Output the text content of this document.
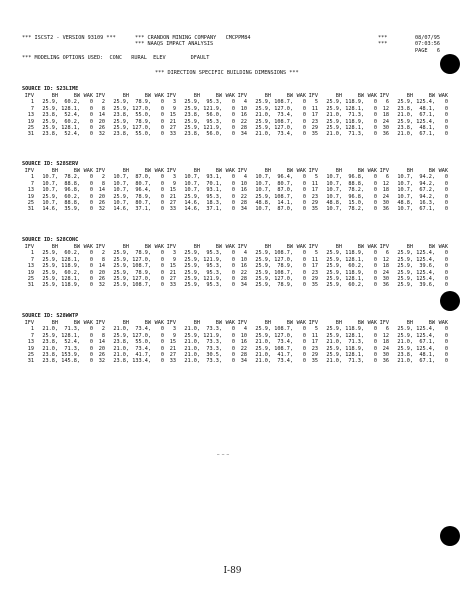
*** ISCST2 - VERSION 93109 ***	*** CRANDON MINING COMPANY   CMCPPM84
*** NAAQS IMPACT ANALYSIS
***
***
08/07/95
07:03:56
PAGE   6
*** MODELING OPTIONS USED:  CONC   RURAL  ELEV        DFAULT
*** DIRECTION SPECIFIC BUILDING DIMENSIONS ***
SOURCE ID: S23LIME
IFV	BH	BW	WAK	IFV	BH	BW	WAK	IFV	BH	BW	WAK	IFV	BH	BW	WAK	IFV	BH	BW	WAK	IFV	BH	BW	WAK
1	25.9,	60.2,	0	2	25.9,	78.9,	0	3	25.9,	95.3,	0	4	25.9,	108.7,	0	5	25.9,	118.9,	0	6	25.9,	125.4,	0
7	25.9,	128.1,	0	8	25.9,	127.0,	0	9	25.9,	121.9,	0	10	25.9,	127.0,	0	11	25.9,	128.1,	0	12	23.8,	48.1,	0
13	23.8,	52.4,	0	14	23.8,	55.0,	0	15	23.8,	56.0,	0	16	21.0,	73.4,	0	17	21.0,	71.3,	0	18	21.0,	67.1,	0
19	25.9,	60.2,	0	20	25.9,	78.9,	0	21	25.9,	95.3,	0	22	25.9,	108.7,	0	23	25.9,	118.9,	0	24	25.9,	125.4,	0
25	25.9,	128.1,	0	26	25.9,	127.0,	0	27	25.9,	121.9,	0	28	25.9,	127.0,	0	29	25.9,	128.1,	0	30	23.8,	48.1,	0
31	23.8,	52.4,	0	32	23.8,	55.0,	0	33	23.8,	56.0,	0	34	21.0,	73.4,	0	35	21.0,	71.3,	0	36	21.0,	67.1,	0
SOURCE ID: S28SERV
IFV	BH	BW	WAK	IFV	BH	BW	WAK	IFV	BH	BW	WAK	IFV	BH	BW	WAK	IFV	BH	BW	WAK	IFV	BH	BW	WAK
1	10.7,	78.2,	0	2	10.7,	87.0,	0	3	10.7,	93.1,	0	4	10.7,	96.4,	0	5	10.7,	96.8,	0	6	10.7,	94.2,	0
7	10.7,	88.8,	0	8	10.7,	80.7,	0	9	10.7,	70.1,	0	10	10.7,	80.7,	0	11	10.7,	88.8,	0	12	10.7,	94.2,	0
13	10.7,	96.8,	0	14	10.7,	96.4,	0	15	10.7,	93.1,	0	16	10.7,	87.0,	0	17	10.7,	78.2,	0	18	10.7,	67.2,	0
19	25.9,	60.2,	0	20	25.9,	78.9,	0	21	25.9,	95.3,	0	22	25.9,	108.7,	0	23	10.7,	96.8,	0	24	10.7,	94.2,	0
25	10.7,	88.8,	0	26	10.7,	80.7,	0	27	14.6,	18.3,	0	28	48.8,	14.1,	0	29	48.8,	15.0,	0	30	48.8,	16.3,	0
31	14.6,	35.9,	0	32	14.6,	37.1,	0	33	14.6,	37.1,	0	34	10.7,	87.0,	0	35	10.7,	78.2,	0	36	10.7,	67.1,	0
SOURCE ID: S28CONC
IFV	BH	BW	WAK	IFV	BH	BW	WAK	IFV	BH	BW	WAK	IFV	BH	BW	WAK	IFV	BH	BW	WAK	IFV	BH	BW	WAK
1	25.9,	60.2,	0	2	25.9,	78.9,	0	3	25.9,	95.3,	0	4	25.9,	108.7,	0	5	25.9,	118.9,	0	6	25.9,	125.4,	0
7	25.9,	128.1,	0	8	25.9,	127.0,	0	9	25.9,	121.9,	0	10	25.9,	127.0,	0	11	25.9,	128.1,	0	12	25.9,	125.4,	0
13	25.9,	118.9,	0	14	25.9,	108.7,	0	15	25.9,	95.3,	0	16	25.9,	78.9,	0	17	25.9,	60.2,	0	18	25.9,	39.6,	0
19	25.9,	60.2,	0	20	25.9,	78.9,	0	21	25.9,	95.3,	0	22	25.9,	108.7,	0	23	25.9,	118.9,	0	24	25.9,	125.4,	0
25	25.9,	128.1,	0	26	25.9,	127.0,	0	27	25.9,	121.9,	0	28	25.9,	127.0,	0	29	25.9,	128.1,	0	30	25.9,	125.4,	0
31	25.9,	118.9,	0	32	25.9,	108.7,	0	33	25.9,	95.3,	0	34	25.9,	78.9,	0	35	25.9,	60.2,	0	36	25.9,	39.6,	0
SOURCE ID: S28WWTP
IFV	BH	BW	WAK	IFV	BH	BW	WAK	IFV	BH	BW	WAK	IFV	BH	BW	WAK	IFV	BH	BW	WAK	IFV	BH	BW	WAK
1	21.0,	71.3,	0	2	21.0,	73.4,	0	3	21.0,	73.3,	0	4	25.9,	108.7,	0	5	25.9,	118.9,	0	6	25.9,	125.4,	0
7	25.9,	128.1,	0	8	25.9,	127.0,	0	9	25.9,	121.9,	0	10	25.9,	127.0,	0	11	25.9,	128.1,	0	12	25.9,	125.4,	0
13	23.8,	52.4,	0	14	23.8,	55.0,	0	15	21.0,	73.3,	0	16	21.0,	73.4,	0	17	21.0,	71.3,	0	18	21.0,	67.1,	0
19	21.0,	71.3,	0	20	21.0,	73.4,	0	21	21.0,	73.3,	0	22	25.9,	108.7,	0	23	25.9,	118.9,	0	24	25.9,	125.4,	0
25	23.8,	153.9,	0	26	21.0,	41.7,	0	27	21.0,	30.5,	0	28	21.0,	41.7,	0	29	25.9,	128.1,	0	30	23.8,	48.1,	0
31	23.8,	145.8,	0	32	23.8,	133.4,	0	33	21.0,	73.3,	0	34	21.0,	73.4,	0	35	21.0,	71.3,	0	36	21.0,	67.1,	0
— — —
I-89
